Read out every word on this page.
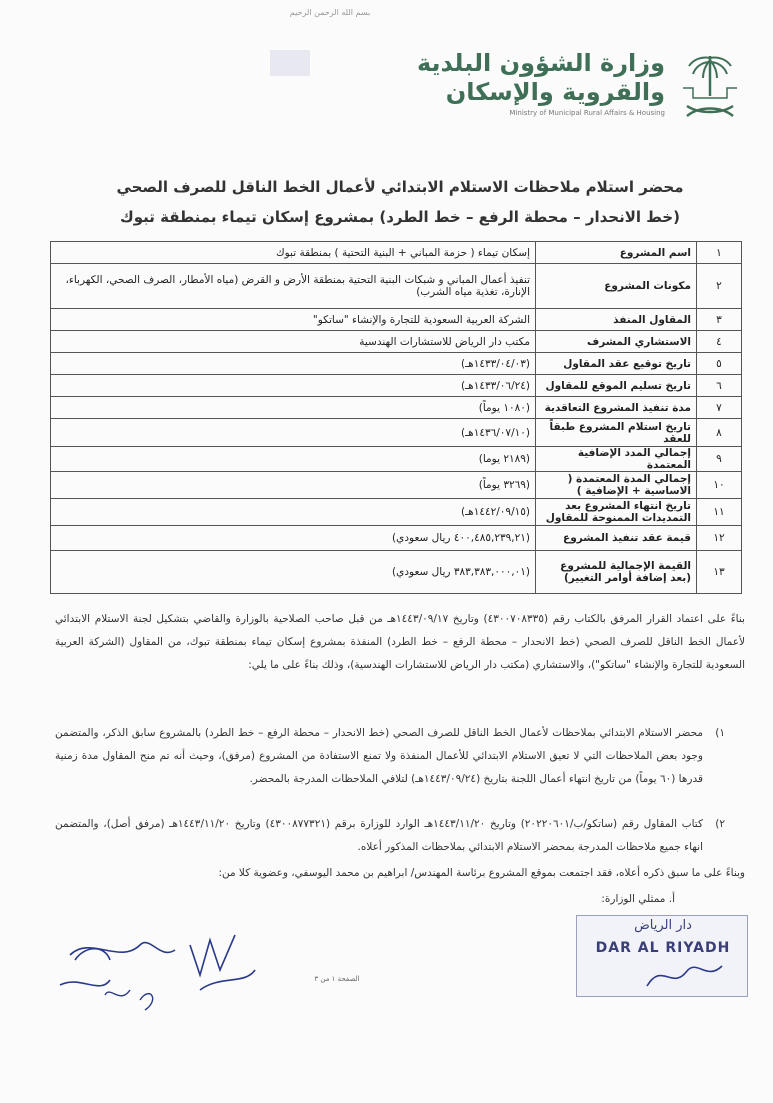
بسم الله الرحمن الرحيم
وزارة الشؤون البلدية
والقروية والإسكان
Ministry of Municipal Rural Affairs & Housing
محضر استلام ملاحظات الاستلام الابتدائي لأعمال الخط الناقل للصرف الصحي
(خط الانحدار – محطة الرفع – خط الطرد) بمشروع إسكان تيماء بمنطقة تبوك
١	اسم المشروع	إسكان تيماء ( حزمة المباني + البنية التحتية ) بمنطقة تبوك
٢	مكونات المشروع	تنفيذ أعمال المباني و شبكات البنية التحتية بمنطقة الأرض و القرض (مياه الأمطار، الصرف الصحي، الكهرباء، الإنارة، تغذية مياه الشرب)
٣	المقاول المنفذ	الشركة العربية السعودية للتجارة والإنشاء "ساتكو"
٤	الاستشاري المشرف	مكتب دار الرياض للاستشارات الهندسية
٥	تاريخ توقيع عقد المقاول	(١٤٣٣/٠٤/٠٣هـ)
٦	تاريخ تسليم الموقع للمقاول	(١٤٣٣/٠٦/٢٤هـ)
٧	مدة تنفيذ المشروع التعاقدية	(١٠٨٠ يوماً)
٨	تاريخ استلام المشروع طبقاً للعقد	(١٤٣٦/٠٧/١٠هـ)
٩	إجمالي المدد الإضافية المعتمدة	(٢١٨٩ يوما)
١٠	إجمالي المدة المعتمدة ( الاساسية + الإضافية )	(٣٢٦٩ يوماً)
١١	تاريخ انتهاء المشروع بعد التمديدات الممنوحة للمقاول	(١٤٤٢/٠٩/١٥هـ)
١٢	قيمة عقد تنفيذ المشروع	(٤٠٠,٤٨٥,٢٣٩,٢١ ريال سعودي)
١٣	القيمة الإجمالية للمشروع (بعد إضافة أوامر التغيير)	(٣٨٣,٣٨٣,٠٠٠,٠١ ريال سعودي)
بناءً على اعتماد القرار المرفق بالكتاب رقم (٤٣٠٠٧٠٨٣٣٥) وتاريخ ١٤٤٣/٠٩/١٧هـ من قبل صاحب الصلاحية بالوزارة والقاضي بتشكيل لجنة الاستلام الابتدائي لأعمال الخط الناقل للصرف الصحي (خط الانحدار – محطة الرفع – خط الطرد) المنفذة بمشروع إسكان تيماء بمنطقة تبوك، من المقاول (الشركة العربية السعودية للتجارة والإنشاء "ساتكو")، والاستشاري (مكتب دار الرياض للاستشارات الهندسية)، وذلك بناءً على ما يلي:
١)
محضر الاستلام الابتدائي بملاحظات لأعمال الخط الناقل للصرف الصحي (خط الانحدار – محطة الرفع – خط الطرد) بالمشروع سابق الذكر، والمتضمن وجود بعض الملاحظات التي لا تعيق الاستلام الابتدائي للأعمال المنفذة ولا تمنع الاستفادة من المشروع (مرفق)، وحيث أنه تم منح المقاول مدة زمنية قدرها (٦٠ يوماً) من تاريخ انتهاء أعمال اللجنة بتاريخ (١٤٤٣/٠٩/٢٤هـ) لتلافي الملاحظات المدرجة بالمحضر.
٢)
كتاب المقاول رقم (ساتكو/ب/٢٠٢٢٠٦٠١) وتاريخ ١٤٤٣/١١/٢٠هـ الوارد للوزارة برقم (٤٣٠٠٨٧٧٣٢١) وتاريخ ١٤٤٣/١١/٢٠هـ (مرفق أصل)، والمتضمن انهاء جميع ملاحظات المدرجة بمحضر الاستلام الابتدائي بملاحظات المذكور أعلاه.
وبناءً على ما سبق ذكره أعلاه، فقد اجتمعت بموقع المشروع برئاسة المهندس/ ابراهيم بن محمد اليوسفي، وعضوية كلا من:
أ. ممثلي الوزارة:
الصفحة ١ من ٣
دار الرياض
DAR AL RIYADH
